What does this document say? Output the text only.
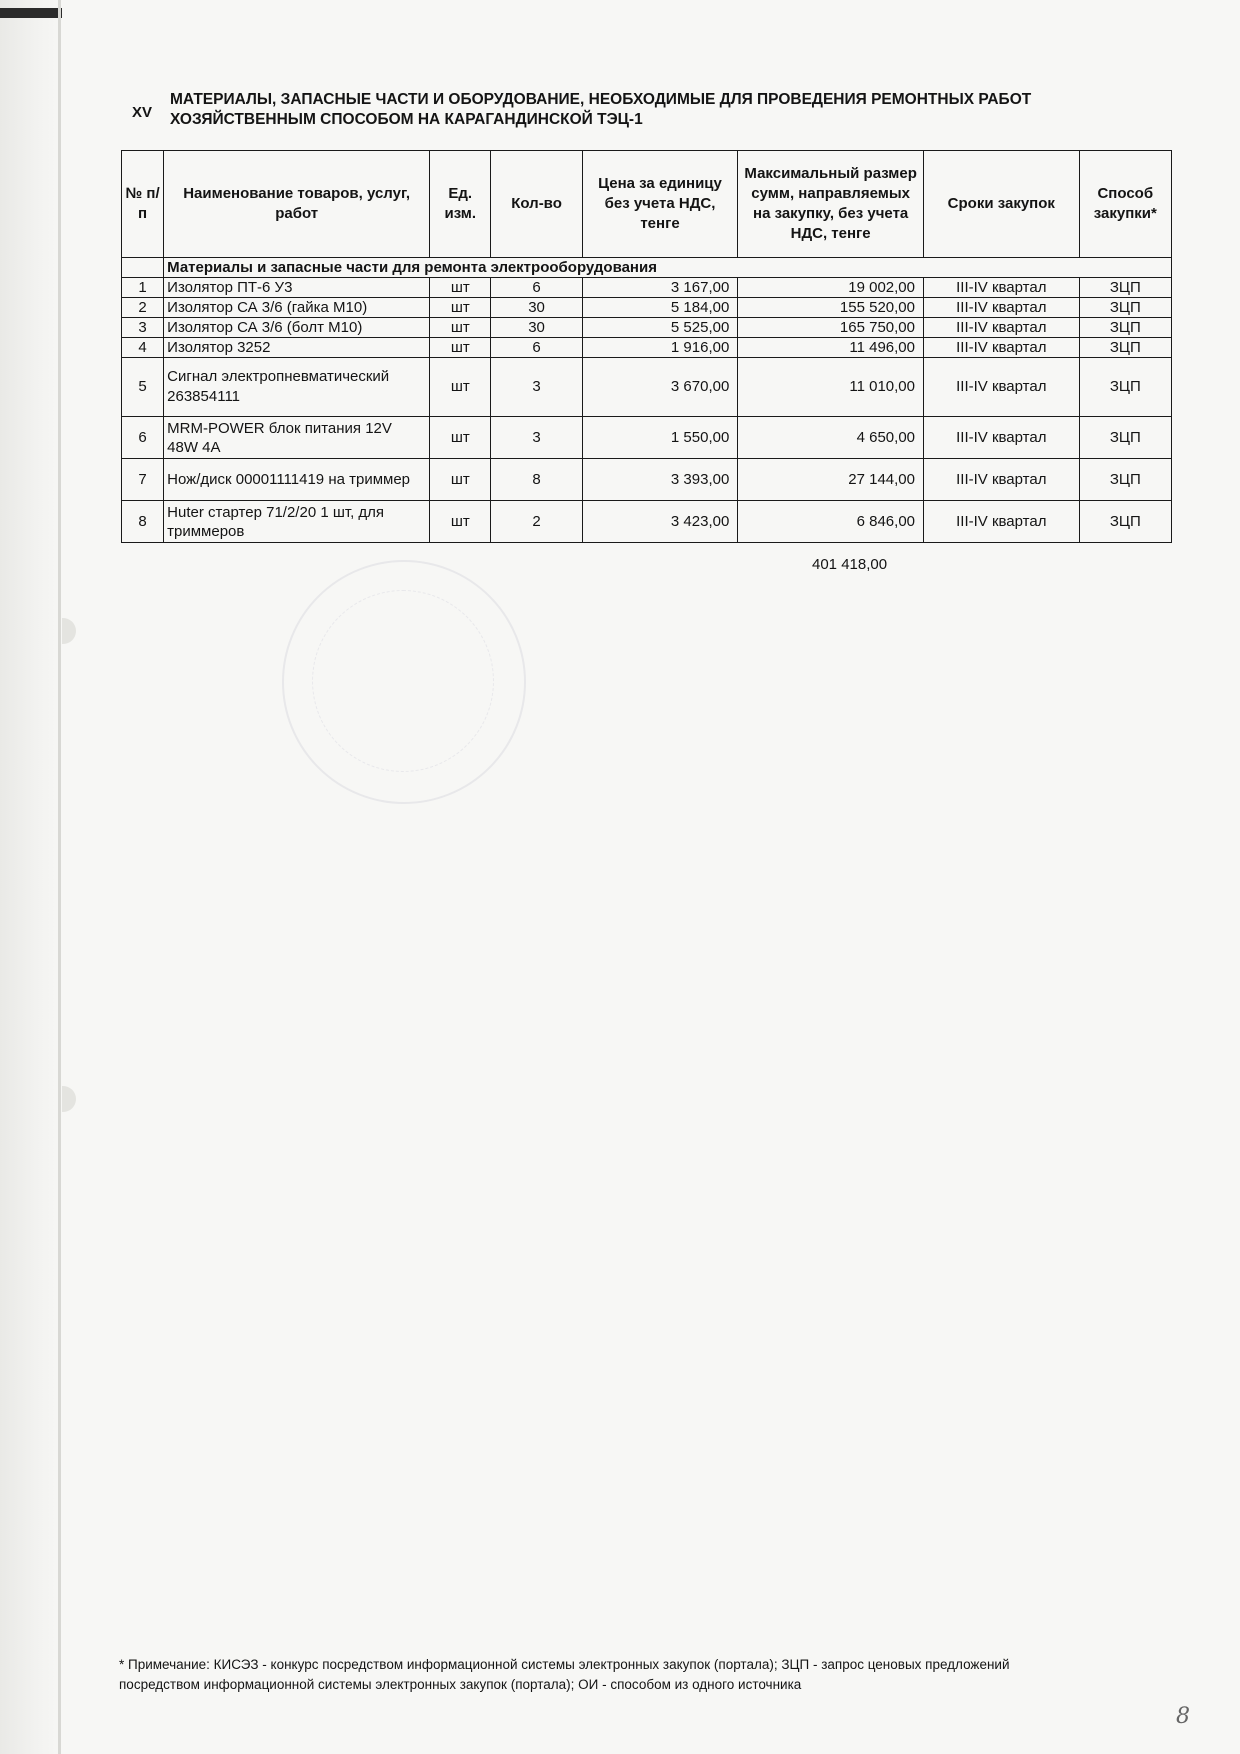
XV
МАТЕРИАЛЫ, ЗАПАСНЫЕ ЧАСТИ И ОБОРУДОВАНИЕ, НЕОБХОДИМЫЕ ДЛЯ ПРОВЕДЕНИЯ РЕМОНТНЫХ РАБОТ ХОЗЯЙСТВЕННЫМ СПОСОБОМ НА КАРАГАНДИНСКОЙ ТЭЦ-1
№ п/п	Наименование товаров, услуг, работ	Ед. изм.	Кол-во	Цена за единицу без учета НДС, тенге	Максимальный размер сумм, направляемых на закупку, без учета НДС, тенге	Сроки закупок	Способ закупки*
	Материалы и запасные части для ремонта электрооборудования						
1	Изолятор ПТ-6 У3	шт	6	3 167,00	19 002,00	III-IV квартал	ЗЦП
2	Изолятор СА 3/6 (гайка М10)	шт	30	5 184,00	155 520,00	III-IV квартал	ЗЦП
3	Изолятор СА 3/6 (болт М10)	шт	30	5 525,00	165 750,00	III-IV квартал	ЗЦП
4	Изолятор 3252	шт	6	1 916,00	11 496,00	III-IV квартал	ЗЦП
5	Сигнал электропневматический 263854111	шт	3	3 670,00	11 010,00	III-IV квартал	ЗЦП
6	MRM-POWER блок питания 12V 48W 4A	шт	3	1 550,00	4 650,00	III-IV квартал	ЗЦП
7	Нож/диск 00001111419 на триммер	шт	8	3 393,00	27 144,00	III-IV квартал	ЗЦП
8	Huter стартер 71/2/20 1 шт, для триммеров	шт	2	3 423,00	6 846,00	III-IV квартал	ЗЦП
401 418,00
* Примечание: КИСЭЗ - конкурс посредством информационной системы электронных закупок (портала); ЗЦП - запрос ценовых предложений посредством информационной системы электронных закупок (портала); ОИ - способом из одного источника
8
